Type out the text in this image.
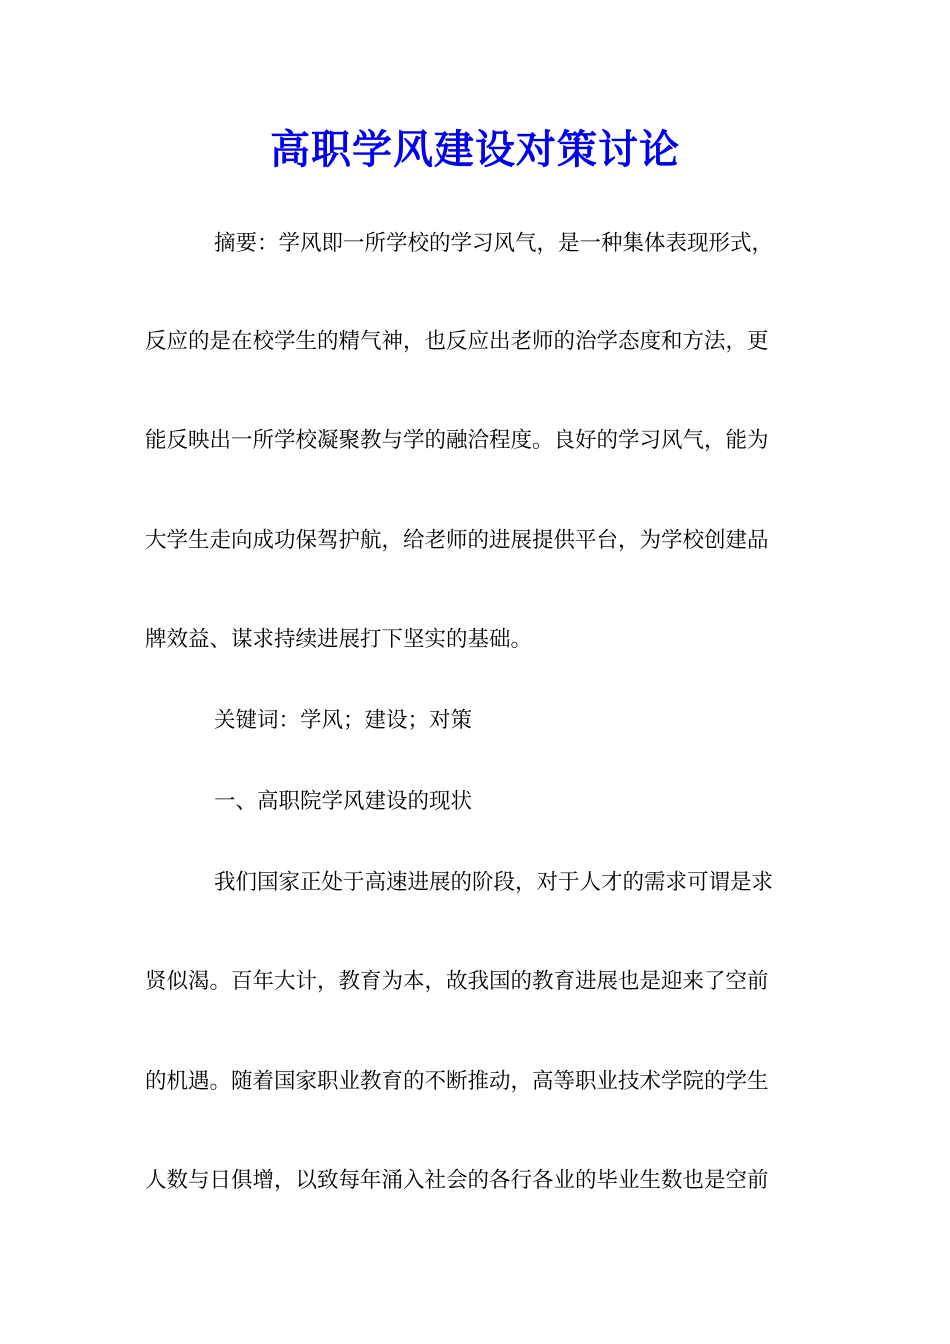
高职学风建设对策讨论
摘要：学风即一所学校的学习风气，是一种集体表现形式，
反应的是在校学生的精气神，也反应出老师的治学态度和方法，更
能反映出一所学校凝聚教与学的融洽程度。良好的学习风气，能为
大学生走向成功保驾护航，给老师的进展提供平台，为学校创建品
牌效益、谋求持续进展打下坚实的基础。
关键词：学风；建设；对策
一、高职院学风建设的现状
我们国家正处于高速进展的阶段，对于人才的需求可谓是求
贤似渴。百年大计，教育为本，故我国的教育进展也是迎来了空前
的机遇。随着国家职业教育的不断推动，高等职业技术学院的学生
人数与日俱增，以致每年涌入社会的各行各业的毕业生数也是空前
